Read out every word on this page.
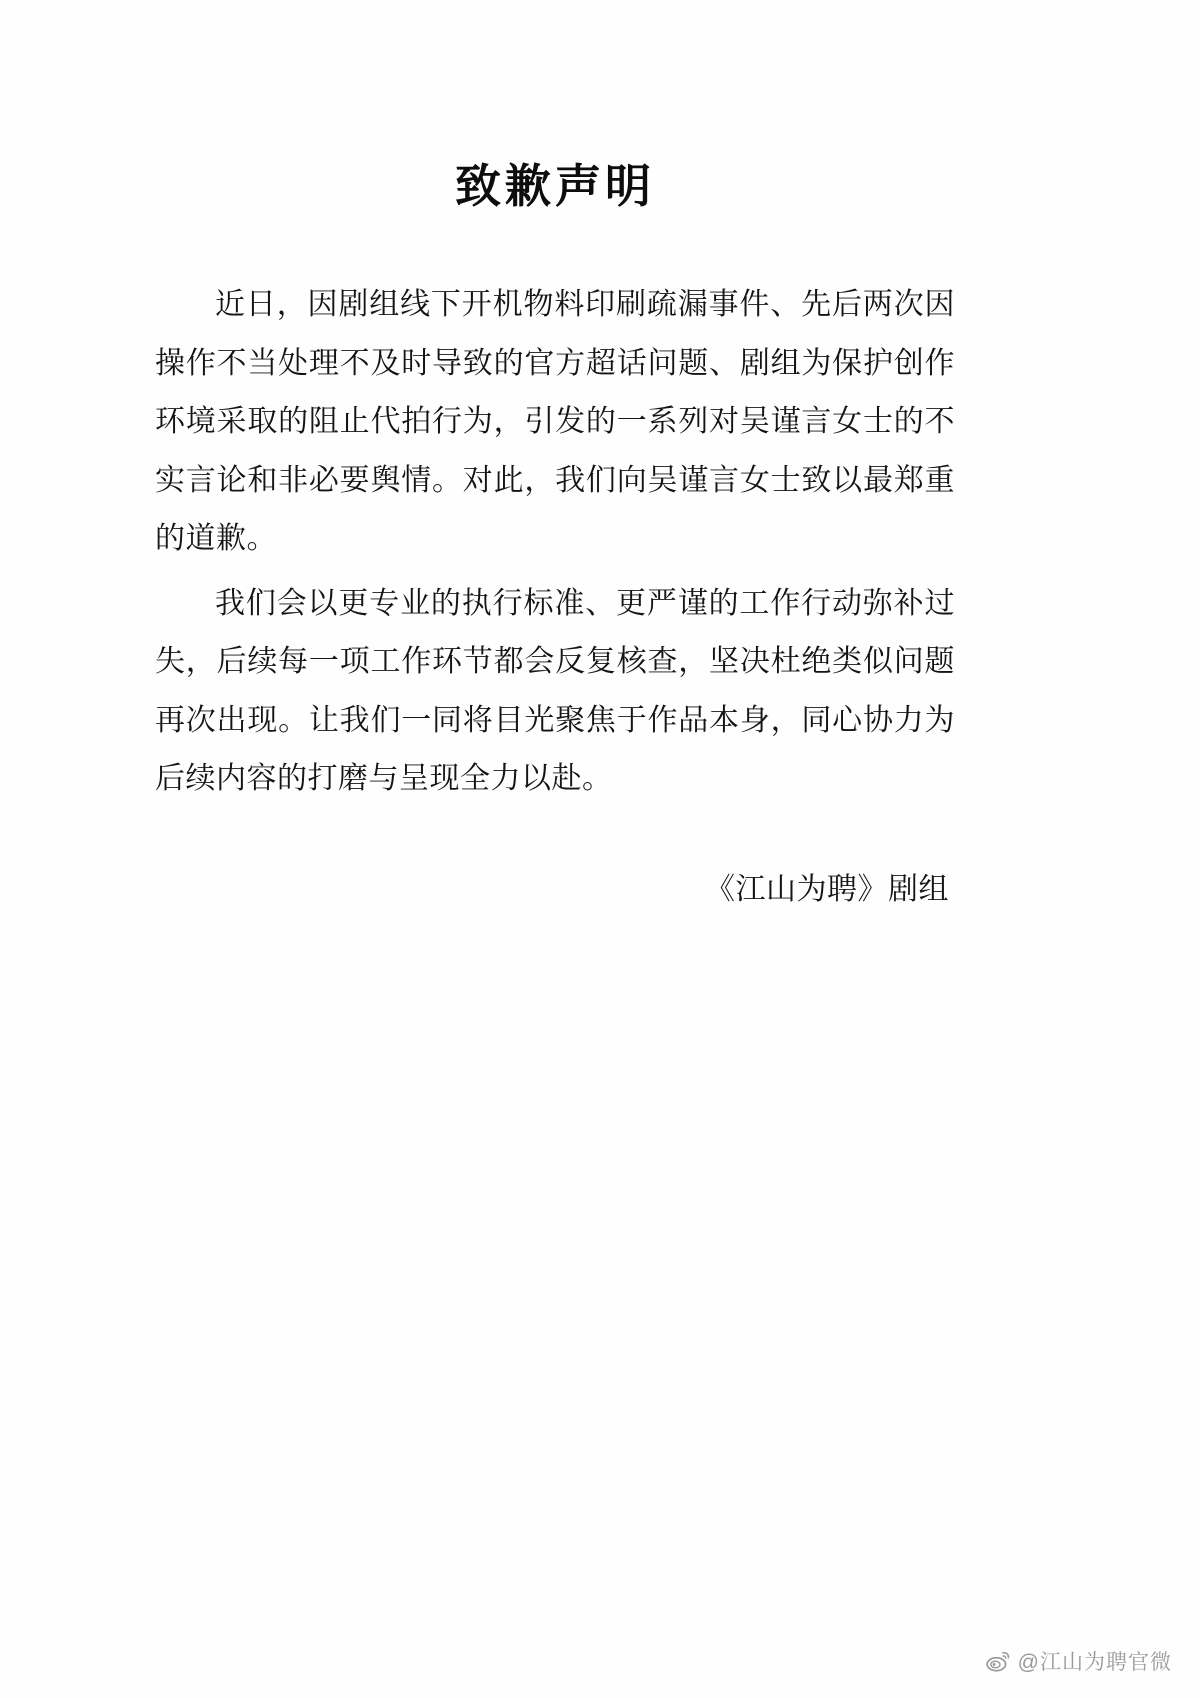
致歉声明

近日，因剧组线下开机物料印刷疏漏事件、先后两次因操作不当处理不及时导致的官方超话问题、剧组为保护创作环境采取的阻止代拍行为，引发的一系列对吴谨言女士的不实言论和非必要舆情。对此，我们向吴谨言女士致以最郑重的道歉。

我们会以更专业的执行标准、更严谨的工作行动弥补过失，后续每一项工作环节都会反复核查，坚决杜绝类似问题再次出现。让我们一同将目光聚焦于作品本身，同心协力为后续内容的打磨与呈现全力以赴。

《江山为聘》剧组
@江山为聘官微
